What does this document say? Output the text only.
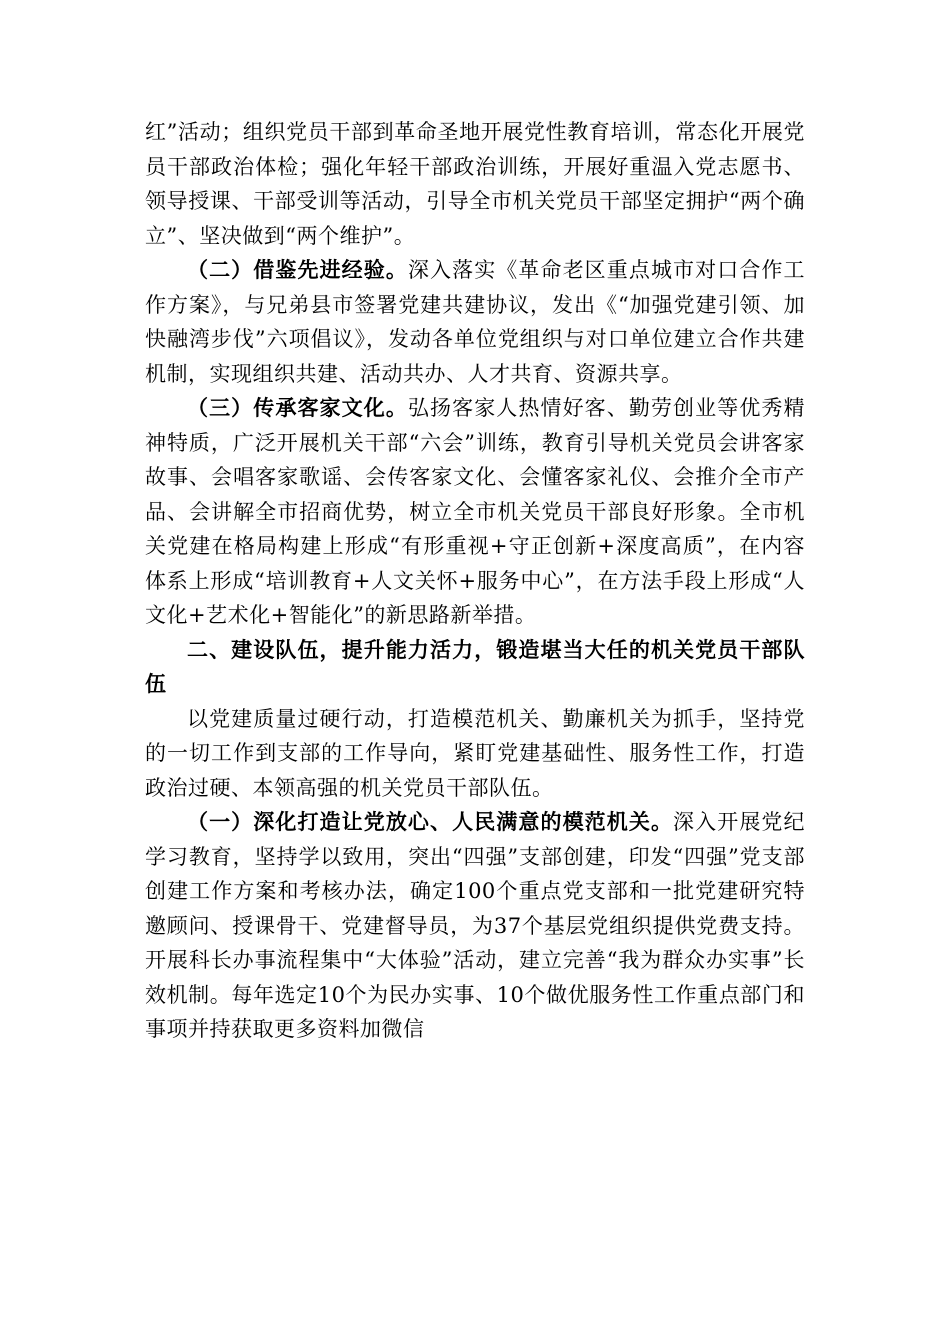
红”活动；组织党员干部到革命圣地开展党性教育培训，常态化开展党员干部政治体检；强化年轻干部政治训练，开展好重温入党志愿书、领导授课、干部受训等活动，引导全市机关党员干部坚定拥护“两个确立”、坚决做到“两个维护”。

（二）借鉴先进经验。深入落实《革命老区重点城市对口合作工作方案》，与兄弟县市签署党建共建协议，发出《“加强党建引领、加快融湾步伐”六项倡议》，发动各单位党组织与对口单位建立合作共建机制，实现组织共建、活动共办、人才共育、资源共享。

（三）传承客家文化。弘扬客家人热情好客、勤劳创业等优秀精神特质，广泛开展机关干部“六会”训练，教育引导机关党员会讲客家故事、会唱客家歌谣、会传客家文化、会懂客家礼仪、会推介全市产品、会讲解全市招商优势，树立全市机关党员干部良好形象。全市机关党建在格局构建上形成“有形重视+守正创新+深度高质”，在内容体系上形成“培训教育+人文关怀+服务中心”，在方法手段上形成“人文化+艺术化+智能化”的新思路新举措。

二、建设队伍，提升能力活力，锻造堪当大任的机关党员干部队伍

以党建质量过硬行动，打造模范机关、勤廉机关为抓手，坚持党的一切工作到支部的工作导向，紧盯党建基础性、服务性工作，打造政治过硬、本领高强的机关党员干部队伍。

（一）深化打造让党放心、人民满意的模范机关。深入开展党纪学习教育，坚持学以致用，突出“四强”支部创建，印发“四强”党支部创建工作方案和考核办法，确定100个重点党支部和一批党建研究特邀顾问、授课骨干、党建督导员，为37个基层党组织提供党费支持。开展科长办事流程集中“大体验”活动，建立完善“我为群众办实事”长效机制。每年选定10个为民办实事、10个做优服务性工作重点部门和事项并持获取更多资料加微信
